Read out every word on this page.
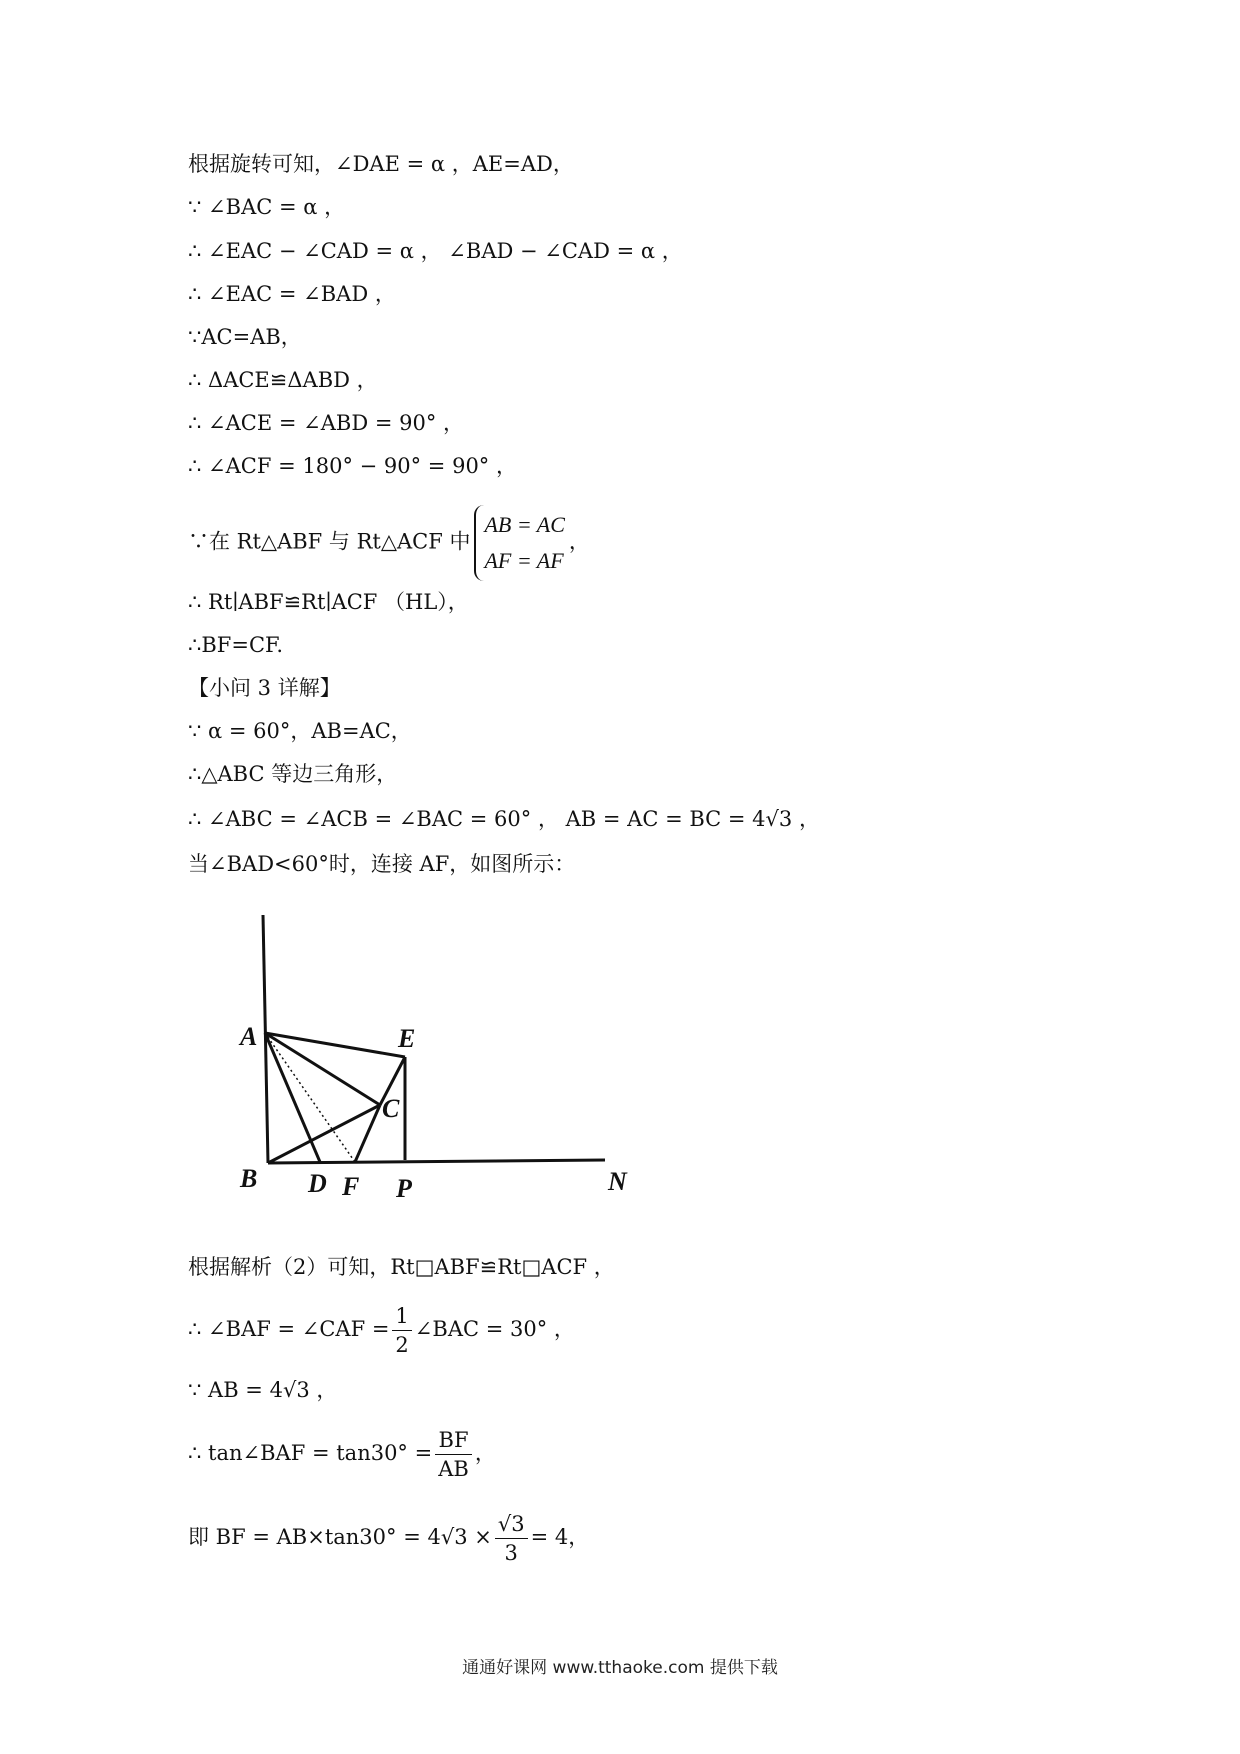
根据旋转可知，∠DAE = α ，AE=AD，
∵ ∠BAC = α ，
∴ ∠EAC − ∠CAD = α ， ∠BAD − ∠CAD = α ，
∴ ∠EAC = ∠BAD ，
∵AC=AB，
∴ ΔACE≌ΔABD ，
∴ ∠ACE = ∠ABD = 90° ，
∴ ∠ACF = 180° − 90° = 90° ，
∵在 Rt△ABF 与 Rt△ACF 中
AB = AC
AF = AF
，
∴ Rt∣ABF≌Rt∣ACF （HL），
∴BF=CF.
【小问 3 详解】
∵ α = 60°，AB=AC，
∴△ABC 等边三角形，
∴ ∠ABC = ∠ACB = ∠BAC = 60° ， AB = AC = BC = 4√3 ，
当∠BAD<60°时，连接 AF，如图所示：
A
B
C
D
E
F P	N
根据解析（2）可知，Rt□ABF≌Rt□ACF ，
∴ ∠BAF = ∠CAF = $\frac{1}{2}$ ∠BAC = 30° ，
∵ AB = 4√3 ，
∴ tan∠BAF = $\tan 30^\circ = \frac{BF}{AB}$ ，
即 BF = $AB\times\tan 30^\circ = 4√3 \times \frac{√3}{3} = 4$，
通通好课网 www.tthaoke.com 提供下载
